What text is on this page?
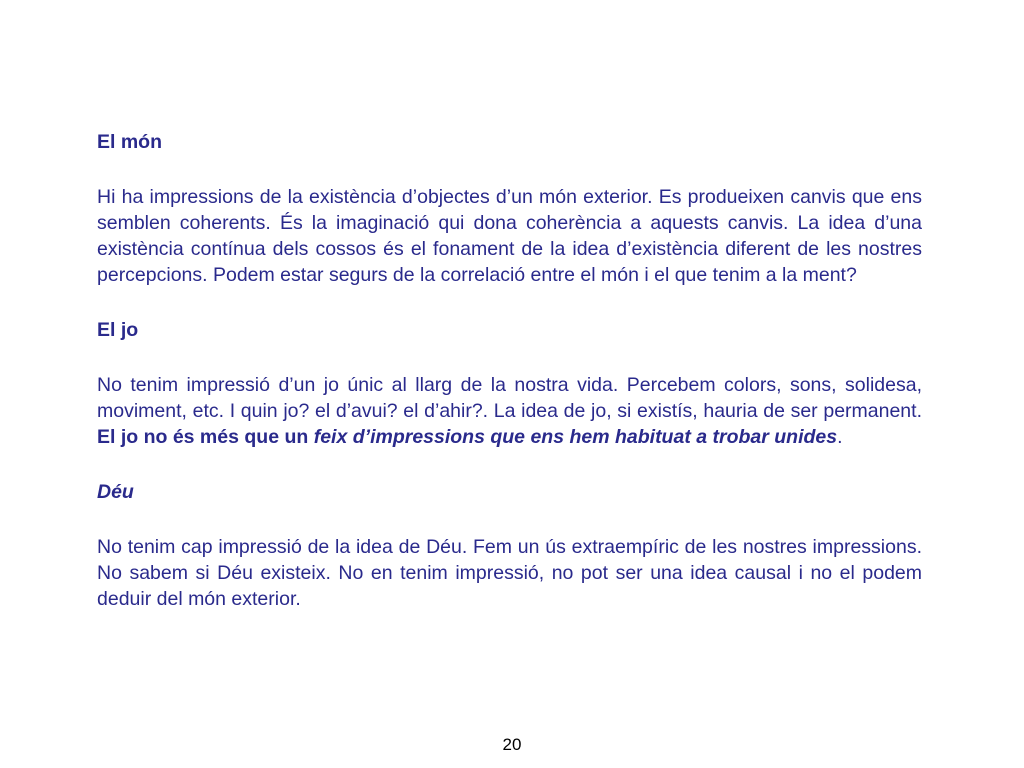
El món

Hi ha impressions de la existència d’objectes d’un món exterior. Es produeixen canvis que ens semblen coherents. És la imaginació qui dona coherència a aquests canvis. La idea d’una existència contínua dels cossos és el fonament de la idea d’existència diferent de les nostres percepcions. Podem estar segurs de la correlació entre el món i el que tenim a la ment?

El jo

No tenim impressió d’un jo únic al llarg de la nostra vida. Percebem colors, sons, solidesa, moviment, etc. I quin jo? el d’avui? el d’ahir?. La idea de jo, si existís, hauria de ser permanent. El jo no és més que un feix d’impressions que ens hem habituat a trobar unides.

Déu

No tenim cap impressió de la idea de Déu. Fem un ús extraempíric de les nostres impressions. No sabem si Déu existeix. No en tenim impressió, no pot ser una idea causal i no el podem deduir del món exterior.

20
